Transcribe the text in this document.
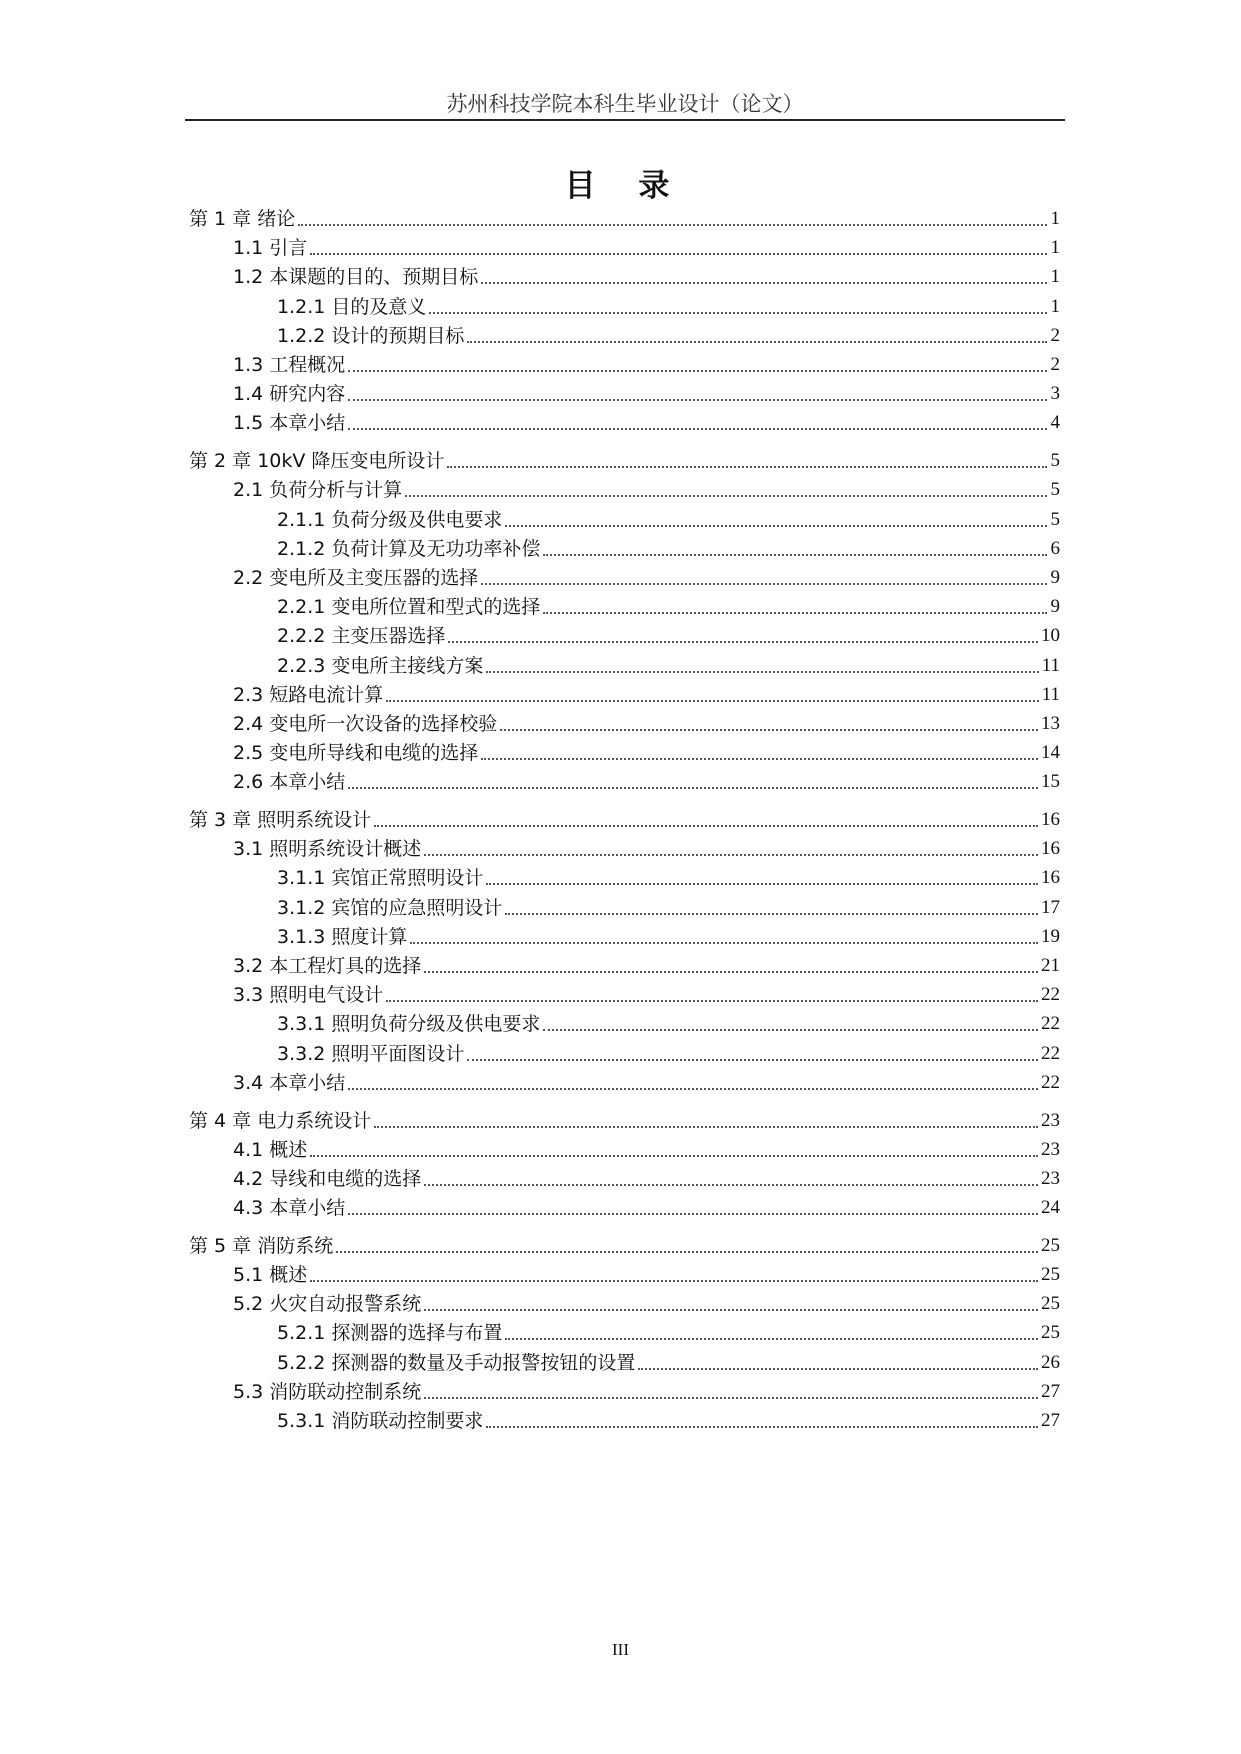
苏州科技学院本科生毕业设计（论文）
目 录
第 1 章 绪论	1
1.1 引言	1
1.2 本课题的目的、预期目标	1
1.2.1 目的及意义	1
1.2.2 设计的预期目标	2
1.3 工程概况	2
1.4 研究内容	3
1.5 本章小结	4
第 2 章 10kV 降压变电所设计	5
2.1 负荷分析与计算	5
2.1.1 负荷分级及供电要求	5
2.1.2 负荷计算及无功功率补偿	6
2.2 变电所及主变压器的选择	9
2.2.1 变电所位置和型式的选择	9
2.2.2 主变压器选择	10
2.2.3 变电所主接线方案	11
2.3 短路电流计算	11
2.4 变电所一次设备的选择校验	13
2.5 变电所导线和电缆的选择	14
2.6 本章小结	15
第 3 章 照明系统设计	16
3.1 照明系统设计概述	16
3.1.1 宾馆正常照明设计	16
3.1.2 宾馆的应急照明设计	17
3.1.3 照度计算	19
3.2 本工程灯具的选择	21
3.3 照明电气设计	22
3.3.1 照明负荷分级及供电要求	22
3.3.2 照明平面图设计	22
3.4 本章小结	22
第 4 章 电力系统设计	23
4.1 概述	23
4.2 导线和电缆的选择	23
4.3 本章小结	24
第 5 章 消防系统	25
5.1 概述	25
5.2 火灾自动报警系统	25
5.2.1 探测器的选择与布置	25
5.2.2 探测器的数量及手动报警按钮的设置	26
5.3 消防联动控制系统	27
5.3.1 消防联动控制要求	27
III
